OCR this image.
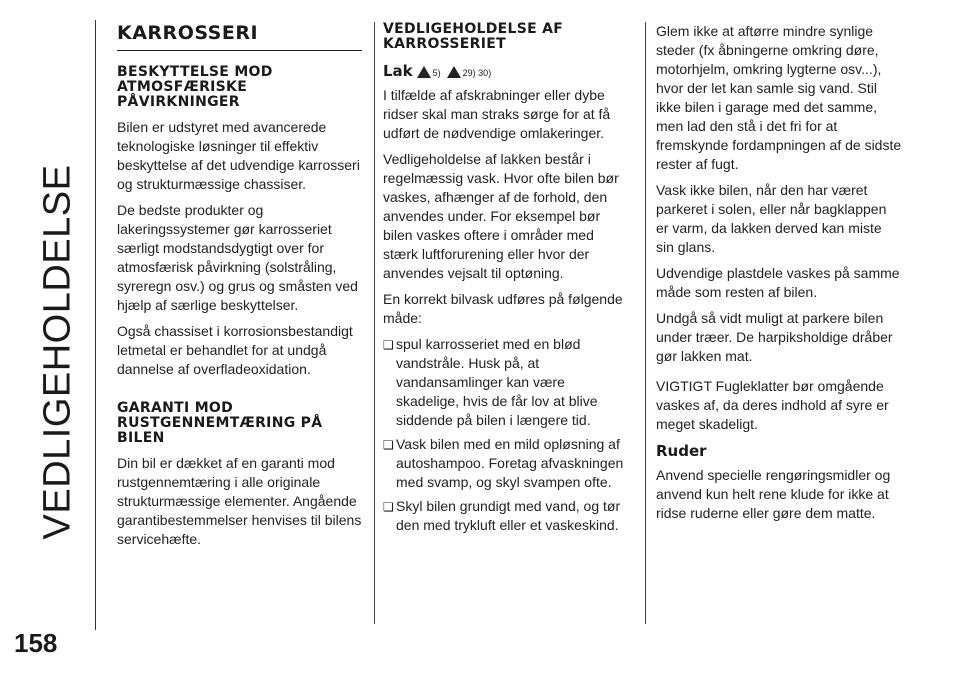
VEDLIGEHOLDELSE
158
KARROSSERI
BESKYTTELSE MOD ATMOSFÆRISKE PÅVIRKNINGER

Bilen er udstyret med avancerede teknologiske løsninger til effektiv beskyttelse af det udvendige karrosseri og strukturmæssige chassiser.

De bedste produkter og lakeringssystemer gør karrosseriet særligt modstandsdygtigt over for atmosfærisk påvirkning (solstråling, syreregn osv.) og grus og småsten ved hjælp af særlige beskyttelser.

Også chassiset i korrosionsbestandigt letmetal er behandlet for at undgå dannelse af overfladeoxidation.

GARANTI MOD RUSTGENNEMTÆRING PÅ BILEN

Din bil er dækket af en garanti mod rustgennemtæring i alle originale strukturmæssige elementer. Angående garantibestemmelser henvises til bilens servicehæfte.

VEDLIGEHOLDELSE AF KARROSSERIET
Lak 5) 29) 30)

I tilfælde af afskrabninger eller dybe ridser skal man straks sørge for at få udført de nødvendige omlakeringer.

Vedligeholdelse af lakken består i regelmæssig vask. Hvor ofte bilen bør vaskes, afhænger af de forhold, den anvendes under. For eksempel bør bilen vaskes oftere i områder med stærk luftforurening eller hvor der anvendes vejsalt til optøning.

En korrekt bilvask udføres på følgende måde:

❏
spul karrosseriet med en blød vandstråle. Husk på, at vandansamlinger kan være skadelige, hvis de får lov at blive siddende på bilen i længere tid.
❏
Vask bilen med en mild opløsning af autoshampoo. Foretag afvaskningen med svamp, og skyl svampen ofte.
❏
Skyl bilen grundigt med vand, og tør den med trykluft eller et vaskeskind.

Glem ikke at aftørre mindre synlige steder (fx åbningerne omkring døre, motorhjelm, omkring lygterne osv...), hvor der let kan samle sig vand. Stil ikke bilen i garage med det samme, men lad den stå i det fri for at fremskynde fordampningen af de sidste rester af fugt.

Vask ikke bilen, når den har været parkeret i solen, eller når bagklappen er varm, da lakken derved kan miste sin glans.

Udvendige plastdele vaskes på samme måde som resten af bilen.

Undgå så vidt muligt at parkere bilen under træer. De harpiksholdige dråber gør lakken mat.

VIGTIGT Fugleklatter bør omgående vaskes af, da deres indhold af syre er meget skadeligt.

Ruder

Anvend specielle rengøringsmidler og anvend kun helt rene klude for ikke at ridse ruderne eller gøre dem matte.
